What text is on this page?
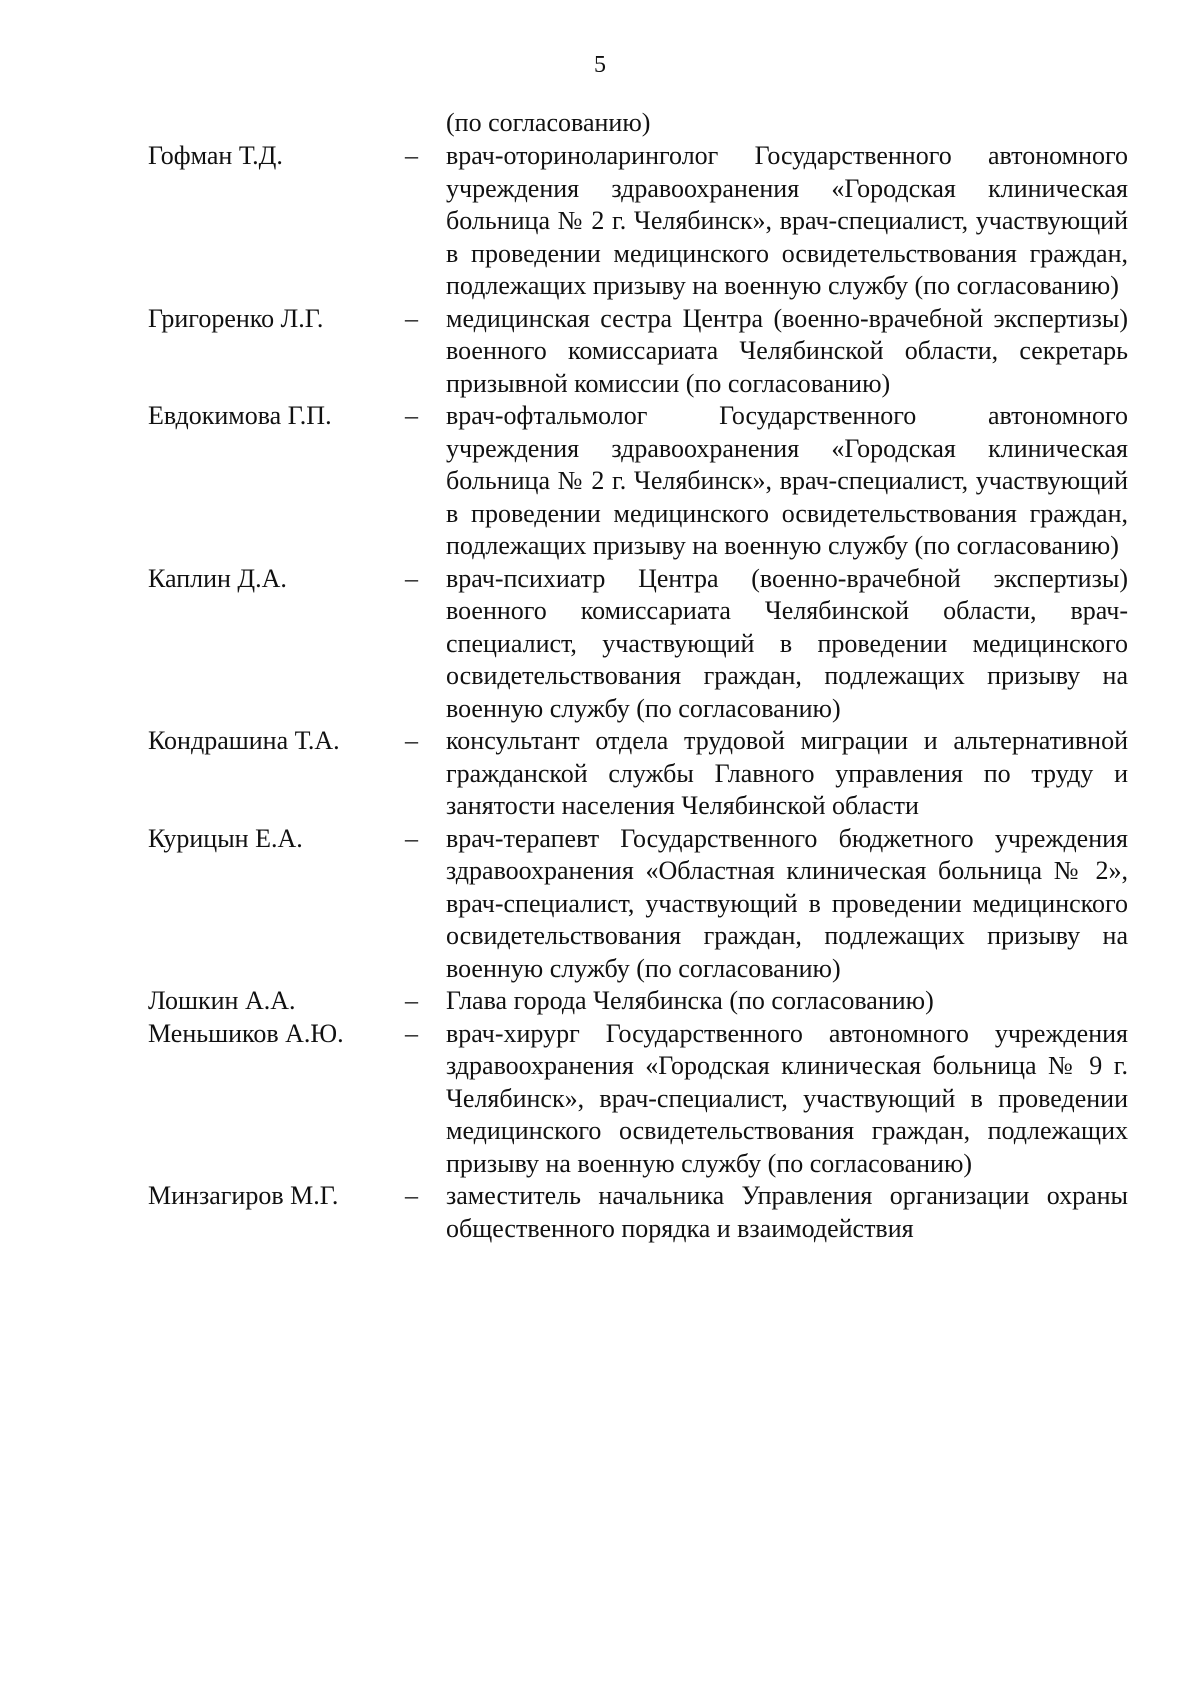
5
(по согласованию)
Гофман Т.Д.	– врач-оториноларинголог Государственного автономного учреждения здравоохранения «Городская клиническая больница № 2 г. Челябинск», врач-специалист, участвующий в проведении медицинского освидетельствования граждан, подлежащих призыву на военную службу (по согласованию)
Григоренко Л.Г.	– медицинская сестра Центра (военно-врачебной экспертизы) военного комиссариата Челябинской области, секретарь призывной комиссии (по согласованию)
Евдокимова Г.П.	– врач-офтальмолог Государственного автономного учреждения здравоохранения «Городская клиническая больница № 2 г. Челябинск», врач-специалист, участвующий в проведении медицинского освидетельствования граждан, подлежащих призыву на военную службу (по согласованию)
Каплин Д.А.	– врач-психиатр Центра (военно-врачебной экспертизы) военного комиссариата Челябинской области, врач-специалист, участвующий в проведении медицинского освидетельствования граждан, подлежащих призыву на военную службу (по согласованию)
Кондрашина Т.А.	– консультант отдела трудовой миграции и альтернативной гражданской службы Главного управления по труду и занятости населения Челябинской области
Курицын Е.А.	– врач-терапевт Государственного бюджетного учреждения здравоохранения «Областная клиническая больница № 2», врач-специалист, участвующий в проведении медицинского освидетельствования граждан, подлежащих призыву на военную службу (по согласованию)
Лошкин А.А.	– Глава города Челябинска (по согласованию)
Меньшиков А.Ю. – врач-хирург Государственного автономного учреждения здравоохранения «Городская клиническая больница № 9 г. Челябинск», врач-специалист, участвующий в проведении медицинского освидетельствования граждан, подлежащих призыву на военную службу (по согласованию)
Минзагиров М.Г.	– заместитель начальника Управления организации охраны общественного порядка и взаимодействия
